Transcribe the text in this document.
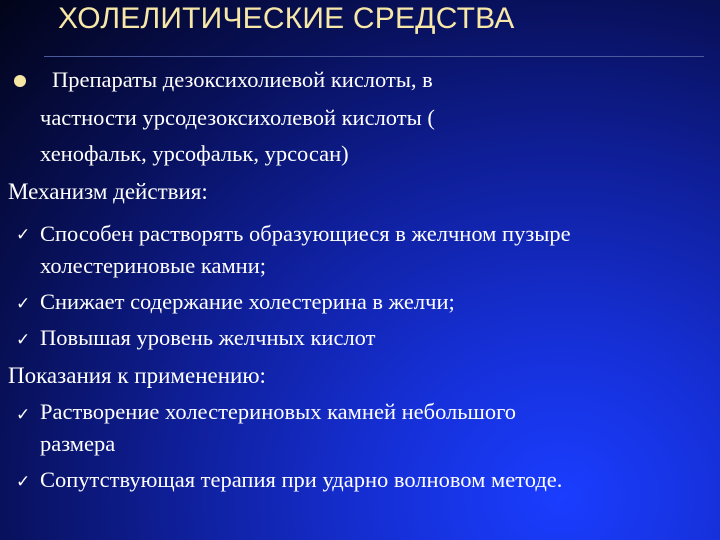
ХОЛЕЛИТИЧЕСКИЕ СРЕДСТВА
Препараты дезоксихолиевой кислоты, в
частности урсодезоксихолевой кислоты (
хенофальк, урсофальк, урсосан)
Механизм действия:
✓ Способен растворять образующиеся в желчном пузыре
холестериновые камни;
✓ Снижает содержание холестерина в желчи;
✓ Повышая уровень желчных кислот
Показания к применению:
✓ Растворение холестериновых камней небольшого
размера
✓ Сопутствующая терапия при ударно волновом методе.
